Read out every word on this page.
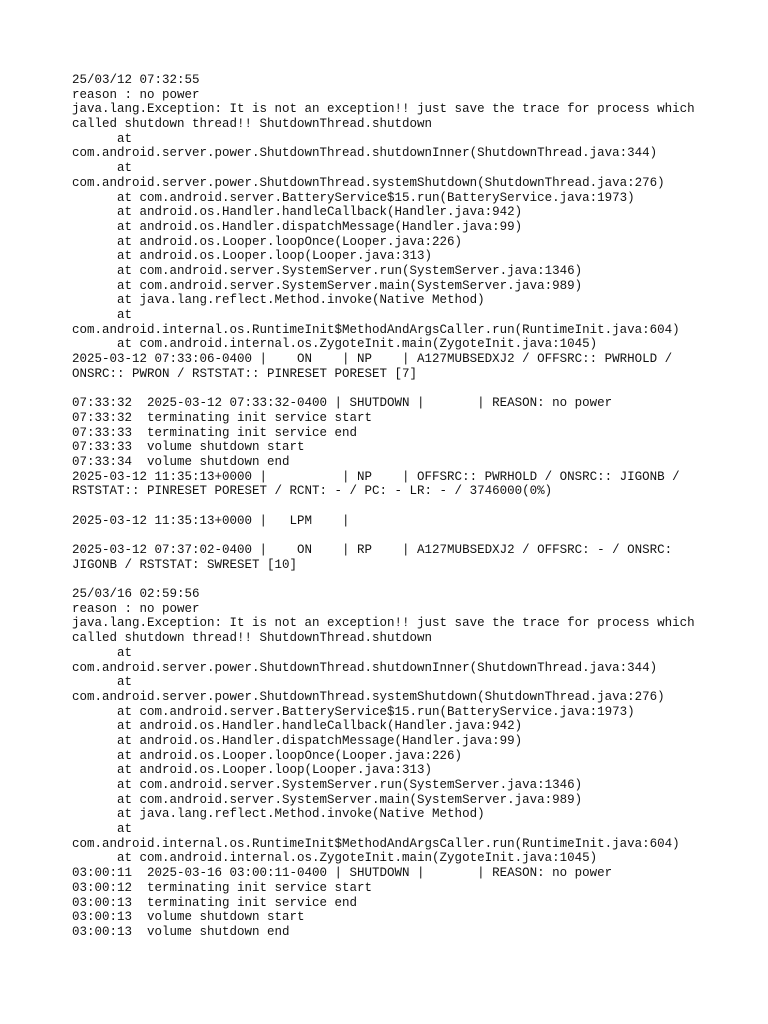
25/03/12 07:32:55
reason : no power
java.lang.Exception: It is not an exception!! just save the trace for process which
called shutdown thread!! ShutdownThread.shutdown
at
com.android.server.power.ShutdownThread.shutdownInner(ShutdownThread.java:344)
at
com.android.server.power.ShutdownThread.systemShutdown(ShutdownThread.java:276)
at com.android.server.BatteryService$15.run(BatteryService.java:1973)
at android.os.Handler.handleCallback(Handler.java:942)
at android.os.Handler.dispatchMessage(Handler.java:99)
at android.os.Looper.loopOnce(Looper.java:226)
at android.os.Looper.loop(Looper.java:313)
at com.android.server.SystemServer.run(SystemServer.java:1346)
at com.android.server.SystemServer.main(SystemServer.java:989)
at java.lang.reflect.Method.invoke(Native Method)
at
com.android.internal.os.RuntimeInit$MethodAndArgsCaller.run(RuntimeInit.java:604)
at com.android.internal.os.ZygoteInit.main(ZygoteInit.java:1045)
2025-03-12 07:33:06-0400 |    ON    | NP    | A127MUBSEDXJ2 / OFFSRC:: PWRHOLD /
ONSRC:: PWRON / RSTSTAT:: PINRESET PORESET [7]
07:33:32  2025-03-12 07:33:32-0400 | SHUTDOWN |       | REASON: no power
07:33:32  terminating init service start
07:33:33  terminating init service end
07:33:33  volume shutdown start
07:33:34  volume shutdown end
2025-03-12 11:35:13+0000 |          | NP    | OFFSRC:: PWRHOLD / ONSRC:: JIGONB /
RSTSTAT:: PINRESET PORESET / RCNT: - / PC: - LR: - / 3746000(0%)
2025-03-12 11:35:13+0000 |   LPM    |
2025-03-12 07:37:02-0400 |    ON    | RP    | A127MUBSEDXJ2 / OFFSRC: - / ONSRC:
JIGONB / RSTSTAT: SWRESET [10]
25/03/16 02:59:56
reason : no power
java.lang.Exception: It is not an exception!! just save the trace for process which
called shutdown thread!! ShutdownThread.shutdown
at
com.android.server.power.ShutdownThread.shutdownInner(ShutdownThread.java:344)
at
com.android.server.power.ShutdownThread.systemShutdown(ShutdownThread.java:276)
at com.android.server.BatteryService$15.run(BatteryService.java:1973)
at android.os.Handler.handleCallback(Handler.java:942)
at android.os.Handler.dispatchMessage(Handler.java:99)
at android.os.Looper.loopOnce(Looper.java:226)
at android.os.Looper.loop(Looper.java:313)
at com.android.server.SystemServer.run(SystemServer.java:1346)
at com.android.server.SystemServer.main(SystemServer.java:989)
at java.lang.reflect.Method.invoke(Native Method)
at
com.android.internal.os.RuntimeInit$MethodAndArgsCaller.run(RuntimeInit.java:604)
at com.android.internal.os.ZygoteInit.main(ZygoteInit.java:1045)
03:00:11  2025-03-16 03:00:11-0400 | SHUTDOWN |       | REASON: no power
03:00:12  terminating init service start
03:00:13  terminating init service end
03:00:13  volume shutdown start
03:00:13  volume shutdown end
